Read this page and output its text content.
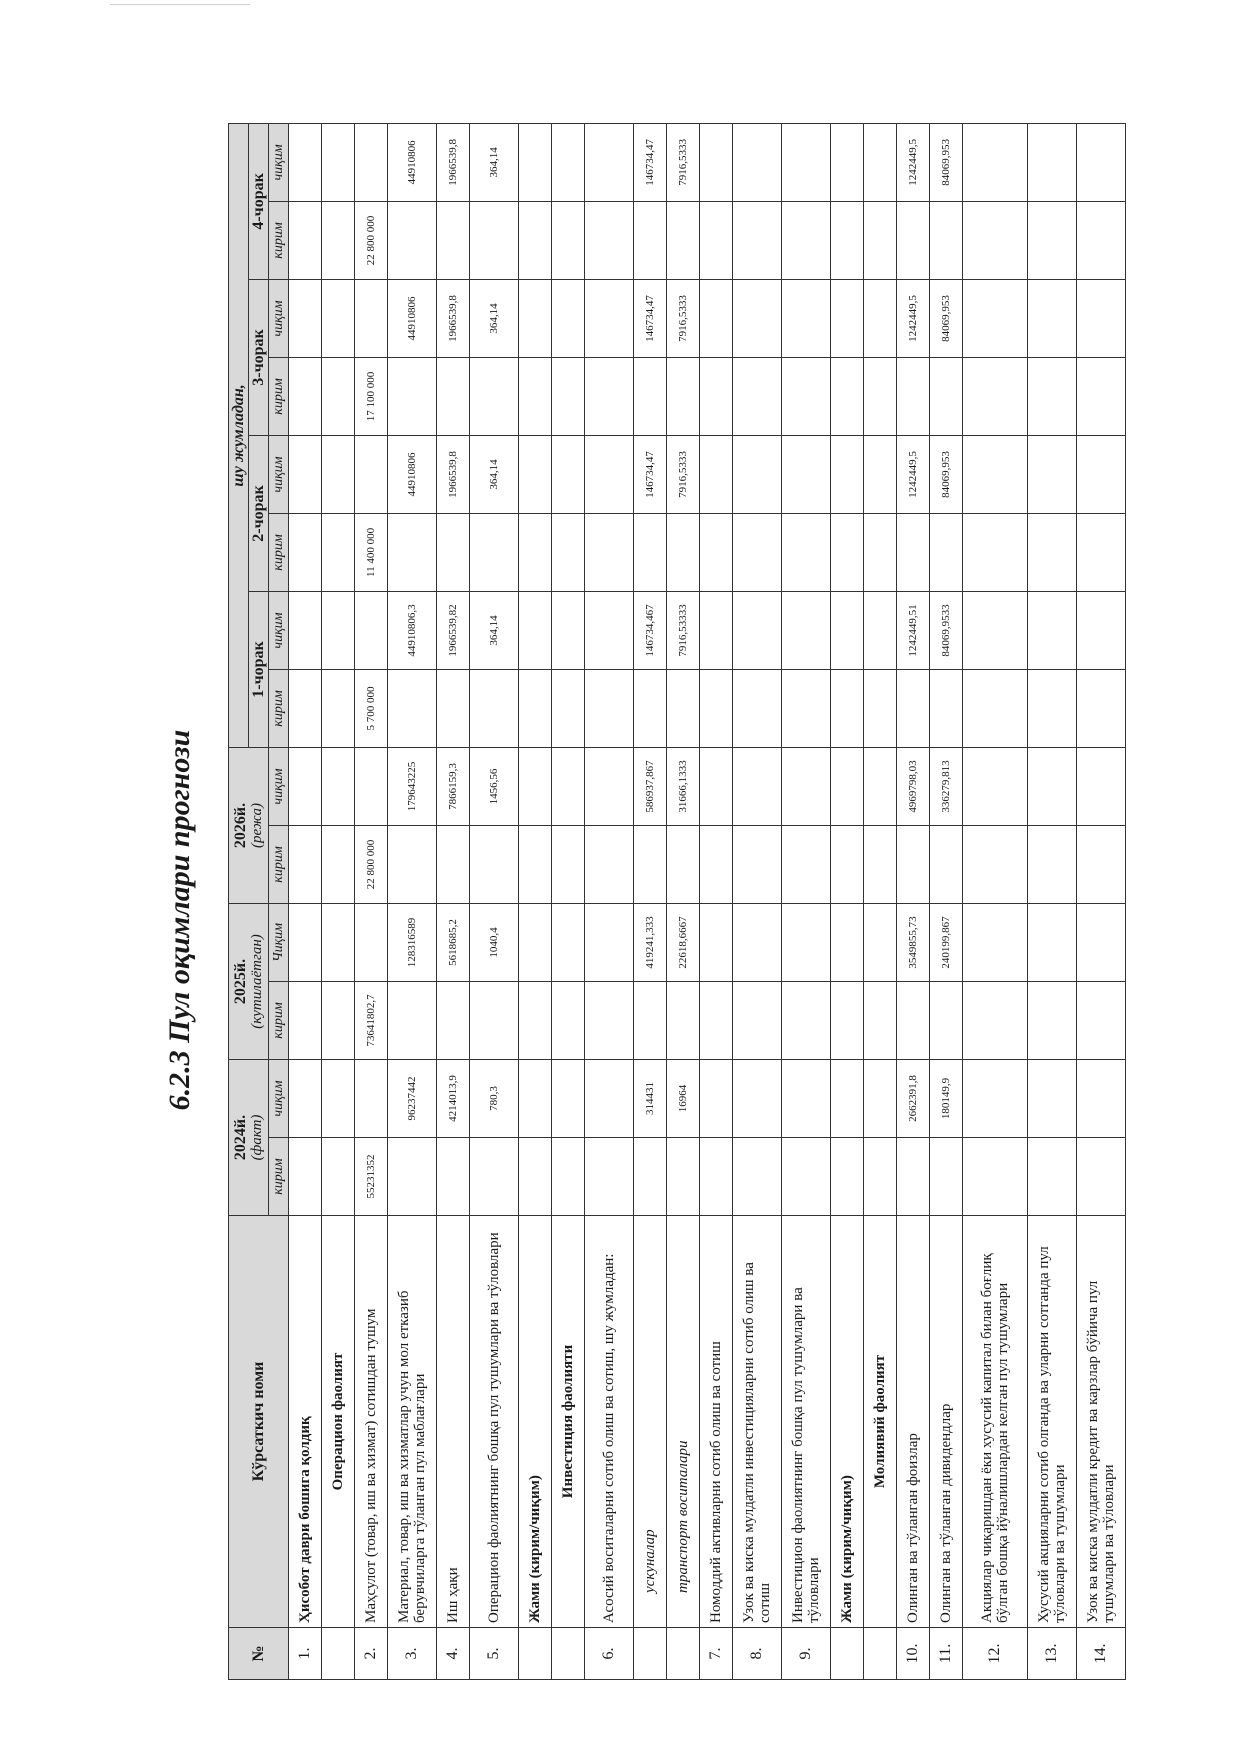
6.2.3 Пул оқимлари прогнози
№	Кўрсаткич номи	2024й. (факт)		2025й. (кутилаётган)		2026й. (режа)		шу жумладан,							
								1-чорак		2-чорак		3-чорак		4-чорак	
		кирим	чиқим	кирим	Чиқим	кирим	чиқим	кирим	чиқим	кирим	чиқим	кирим	чиқим	кирим	чиқим
1.	Ҳисобот даври бошига қолдиқ														
	Операцион фаолият														
2.	Маҳсулот (товар, иш ва хизмат) сотишдан тушум	55231352		73641802,7		22 800 000		5 700 000		11 400 000		17 100 000		22 800 000	
3.	Материал, товар, иш ва хизматлар учун мол етказиб берувчиларга тўланган пул маблағлари		96237442		128316589		179643225		44910806,3		44910806		44910806		44910806
4.	Иш ҳақи		4214013,9		5618685,2		7866159,3		1966539,82		1966539,8		1966539,8		1966539,8
5.	Операцион фаолиятнинг бошқа пул тушумлари ва тўловлари		780,3		1040,4		1456,56		364,14		364,14		364,14		364,14
	Жами (кирим/чиқим)														
	Инвестиция фаолияти														
6.	Асосий воситаларни сотиб олиш ва сотиш, шу жумладан:														
	ускуналар		314431		419241,333		586937,867		146734,467		146734,47		146734,47		146734,47
	транспорт воситалари		16964		22618,6667		31666,1333		7916,53333		7916,5333		7916,5333		7916,5333
7.	Номоддий активларни сотиб олиш ва сотиш														
8.	Узок ва киска мулдатли инвестицияларни сотиб олиш ва сотиш														
9.	Инвестицион фаолиятнинг бошқа пул тушумлари ва тўловлари														
	Жами (кирим/чиқим)														
	Молиявий фаолият														
10.	Олинган ва тўланган фоизлар		2662391,8		3549855,73		4969798,03		1242449,51		1242449,5		1242449,5		1242449,5
11.	Олинган ва тўланган дивидендлар		180149,9		240199,867		336279,813		84069,9533		84069,953		84069,953		84069,953
12.	Акциялар чиқаришдан ёки хусусий капитал билан боғлиқ бўлган бошқа йўналишлардан келган пул тушумлари														
13.	Хусусий акцияларни сотиб олганда ва уларни сотганда пул тўловлари ва тушумлари														
14.	Узок ва киска мулдатли кредит ва карзлар бўйича пул тушумлари ва тўловлари														
